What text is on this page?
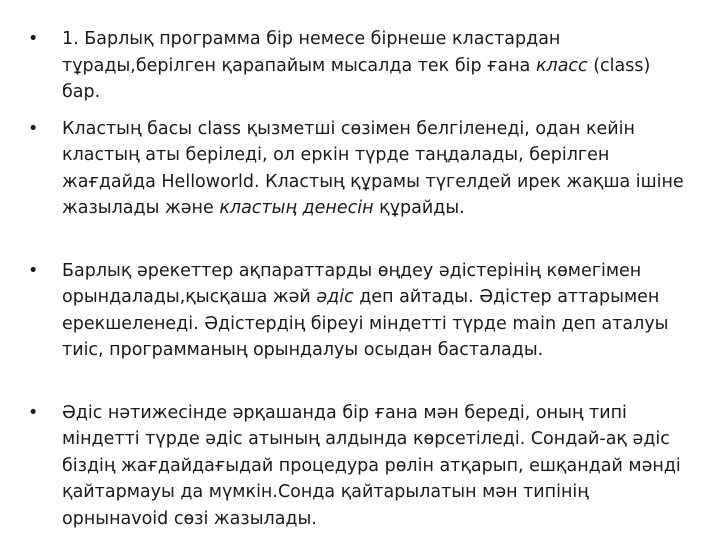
•	1. Барлық программа бір немесе бірнеше кластардан тұрады,берілген қарапайым мысалда тек бір ғана класс (class) бар.
•	Кластың басы class қызметші сөзімен белгіленеді, одан кейін кластың аты беріледі, ол еркін түрде таңдалады, берілген жағдайда Helloworld. Кластың құрамы түгелдей ирек жақша ішіне жазылады және кластың денесін құрайды.
•	Барлық әрекеттер ақпараттарды өңдеу әдістерінің көмегімен орындалады,қысқаша жәй әдіс деп айтады. Әдістер аттарымен ерекшеленеді. Әдістердің біреуі міндетті түрде main деп аталуы тиіс, программаның орындалуы осыдан басталады.
•	Әдіс нәтижесінде әрқашанда бір ғана мән береді, оның типі міндетті түрде әдіс атының алдында көрсетіледі. Сондай-ақ әдіс біздің жағдайдағыдай процедура рөлін атқарып, ешқандай мәнді қайтармауы да мүмкін.Сонда қайтарылатын мән типінің орнынаvoid сөзі жазылады.
